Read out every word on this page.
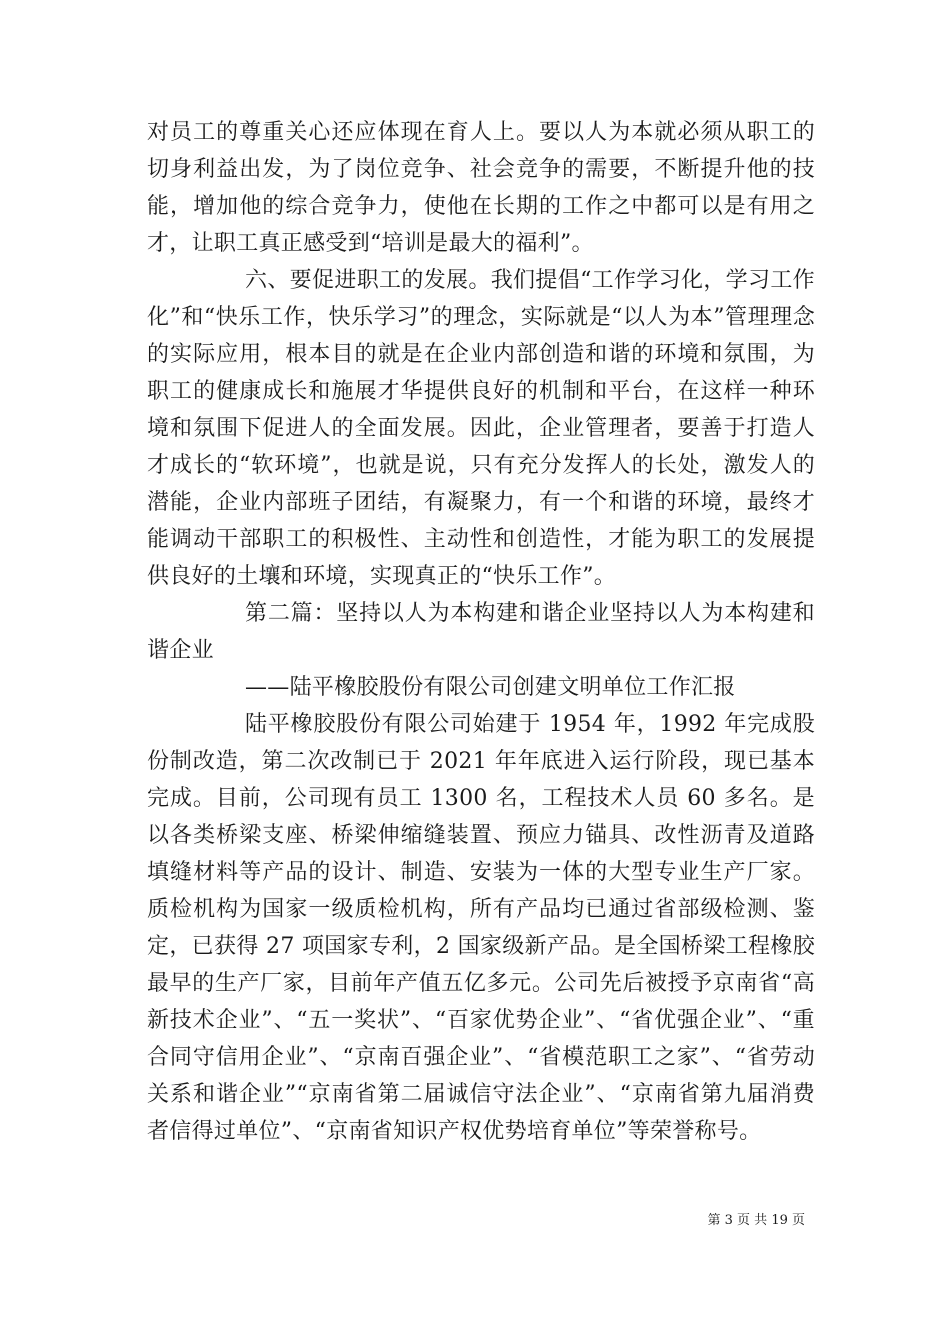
对员工的尊重关心还应体现在育人上。要以人为本就必须从职工的切身利益出发，为了岗位竞争、社会竞争的需要，不断提升他的技能，增加他的综合竞争力，使他在长期的工作之中都可以是有用之才，让职工真正感受到“培训是最大的福利”。

六、要促进职工的发展。我们提倡“工作学习化，学习工作化”和“快乐工作，快乐学习”的理念，实际就是“以人为本”管理理念的实际应用，根本目的就是在企业内部创造和谐的环境和氛围，为职工的健康成长和施展才华提供良好的机制和平台，在这样一种环境和氛围下促进人的全面发展。因此，企业管理者，要善于打造人才成长的“软环境”，也就是说，只有充分发挥人的长处，激发人的潜能，企业内部班子团结，有凝聚力，有一个和谐的环境，最终才能调动干部职工的积极性、主动性和创造性，才能为职工的发展提供良好的土壤和环境，实现真正的“快乐工作”。

第二篇：坚持以人为本构建和谐企业坚持以人为本构建和谐企业

——陆平橡胶股份有限公司创建文明单位工作汇报

陆平橡胶股份有限公司始建于 1954 年，1992 年完成股份制改造，第二次改制已于 2021 年年底进入运行阶段，现已基本完成。目前，公司现有员工 1300 名，工程技术人员 60 多名。是以各类桥梁支座、桥梁伸缩缝装置、预应力锚具、改性沥青及道路填缝材料等产品的设计、制造、安装为一体的大型专业生产厂家。质检机构为国家一级质检机构，所有产品均已通过省部级检测、鉴定，已获得 27 项国家专利，2 国家级新产品。是全国桥梁工程橡胶最早的生产厂家，目前年产值五亿多元。公司先后被授予京南省“高新技术企业”、“五一奖状”、“百家优势企业”、“省优强企业”、“重合同守信用企业”、“京南百强企业”、“省模范职工之家”、“省劳动关系和谐企业”“京南省第二届诚信守法企业”、“京南省第九届消费者信得过单位”、“京南省知识产权优势培育单位”等荣誉称号。

第 3 页 共 19 页
